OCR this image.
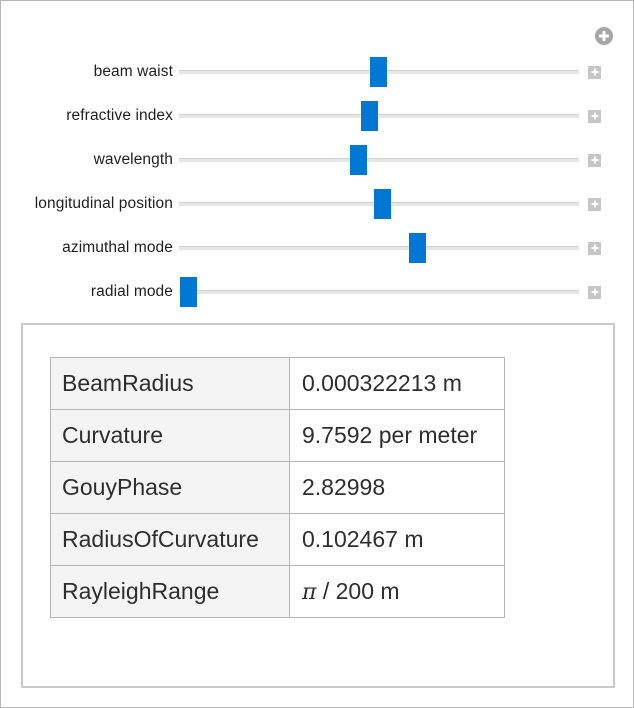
beam waist
refractive index
wavelength
longitudinal position
azimuthal mode
radial mode
BeamRadius	0.000322213 m
Curvature	9.7592 per meter
GouyPhase	2.82998
RadiusOfCurvature	0.102467 m
RayleighRange	π / 200 m
